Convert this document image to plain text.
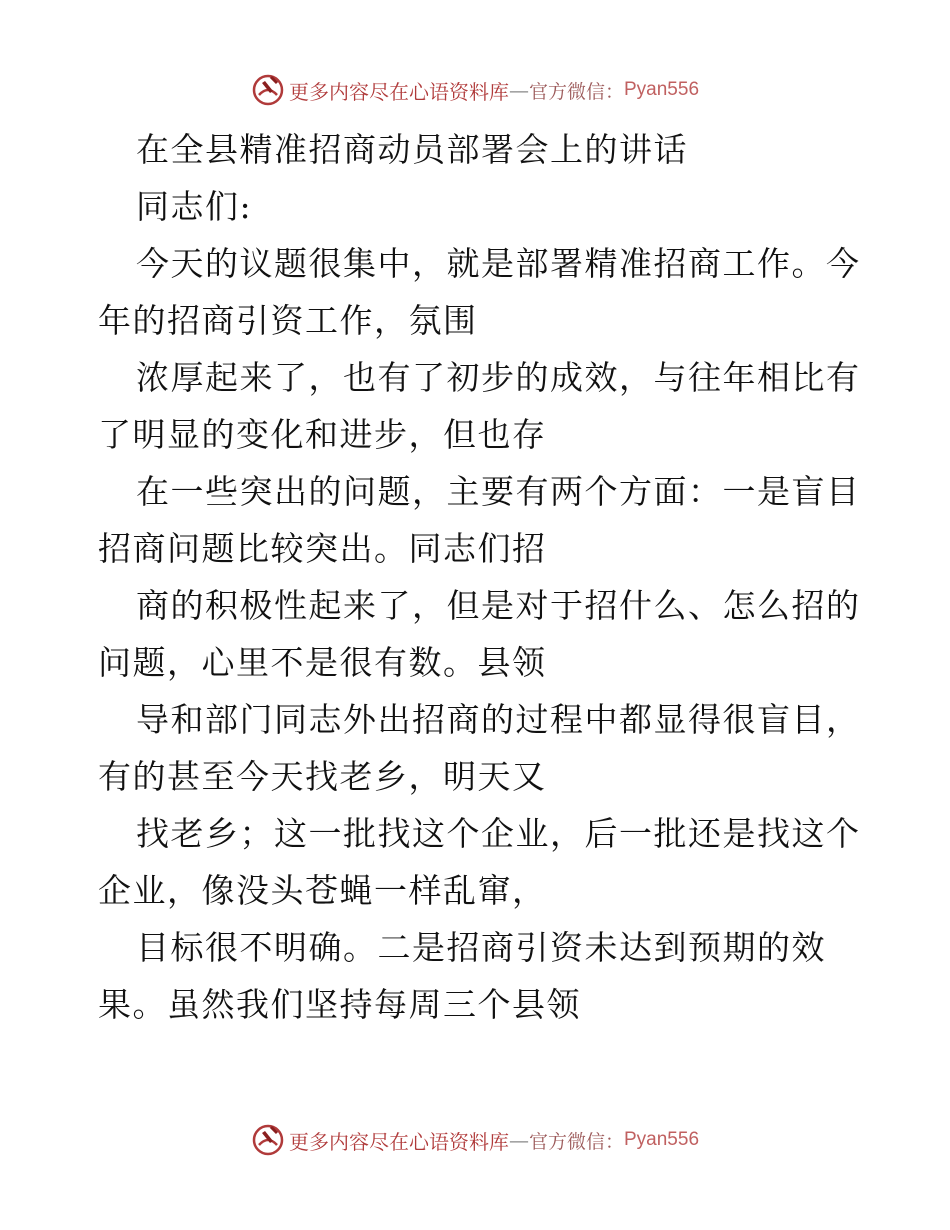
更多内容尽在心语资料库 — 官方微信： Pyan556
在全县精准招商动员部署会上的讲话
同志们:
今天的议题很集中，就是部署精准招商工作。今
年的招商引资工作，氛围
浓厚起来了，也有了初步的成效，与往年相比有
了明显的变化和进步，但也存
在一些突出的问题，主要有两个方面：一是盲目
招商问题比较突出。同志们招
商的积极性起来了，但是对于招什么、怎么招的
问题，心里不是很有数。县领
导和部门同志外出招商的过程中都显得很盲目，
有的甚至今天找老乡，明天又
找老乡；这一批找这个企业，后一批还是找这个
企业，像没头苍蝇一样乱窜，
目标很不明确。二是招商引资未达到预期的效
果。虽然我们坚持每周三个县领
更多内容尽在心语资料库 — 官方微信： Pyan556
